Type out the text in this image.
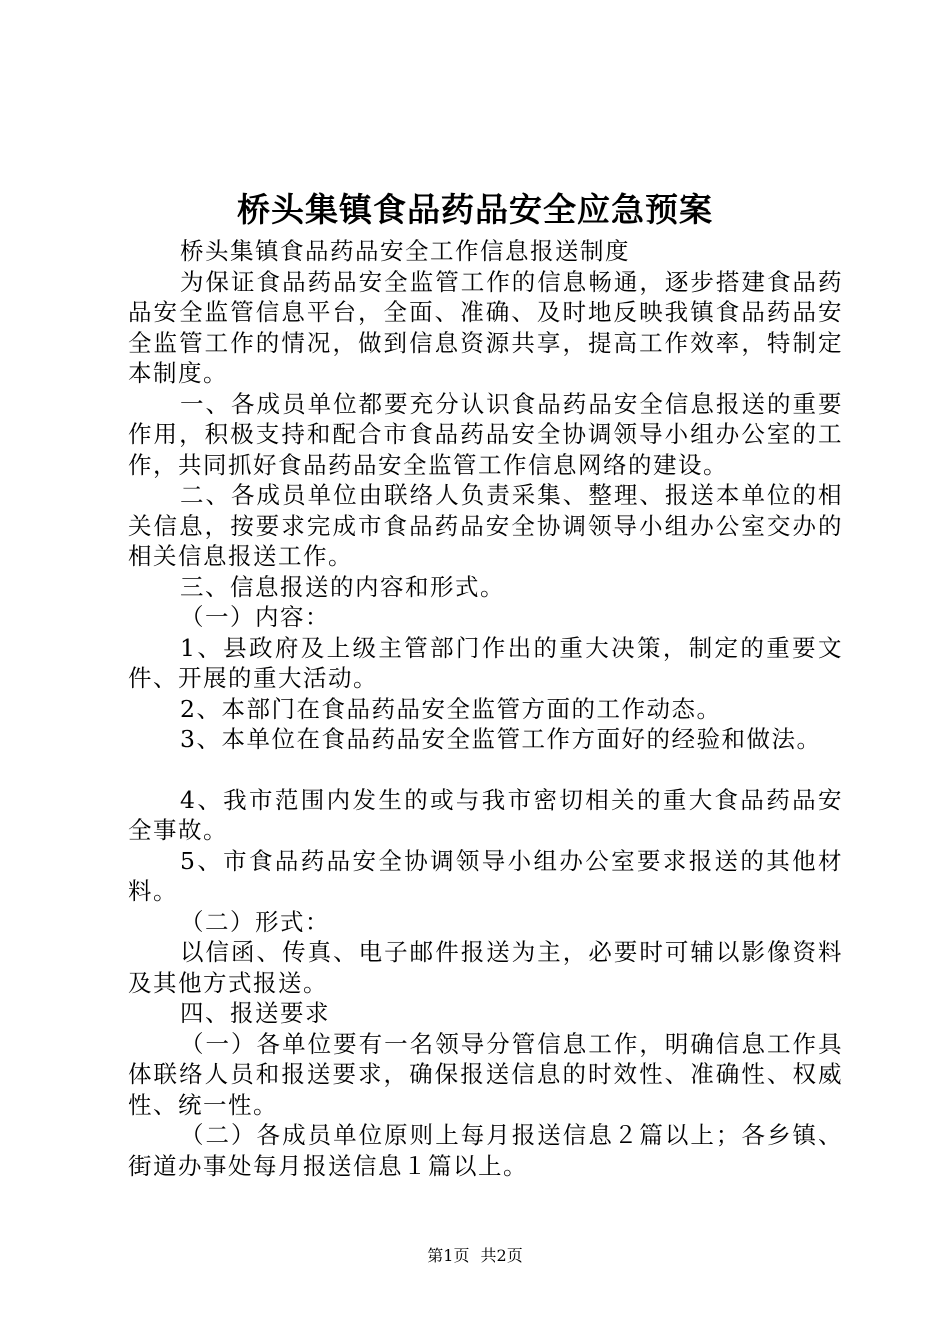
桥头集镇食品药品安全应急预案

桥头集镇食品药品安全工作信息报送制度

为保证食品药品安全监管工作的信息畅通，逐步搭建食品药品安全监管信息平台，全面、准确、及时地反映我镇食品药品安全监管工作的情况，做到信息资源共享，提高工作效率，特制定本制度。

一、各成员单位都要充分认识食品药品安全信息报送的重要作用，积极支持和配合市食品药品安全协调领导小组办公室的工作，共同抓好食品药品安全监管工作信息网络的建设。

二、各成员单位由联络人负责采集、整理、报送本单位的相关信息，按要求完成市食品药品安全协调领导小组办公室交办的相关信息报送工作。

三、信息报送的内容和形式。

（一）内容：

1、县政府及上级主管部门作出的重大决策，制定的重要文件、开展的重大活动。

2、本部门在食品药品安全监管方面的工作动态。

3、本单位在食品药品安全监管工作方面好的经验和做法。

4、我市范围内发生的或与我市密切相关的重大食品药品安全事故。

5、市食品药品安全协调领导小组办公室要求报送的其他材料。

（二）形式：

以信函、传真、电子邮件报送为主，必要时可辅以影像资料及其他方式报送。

四、报送要求

（一）各单位要有一名领导分管信息工作，明确信息工作具体联络人员和报送要求，确保报送信息的时效性、准确性、权威性、统一性。

（二）各成员单位原则上每月报送信息２篇以上；各乡镇、街道办事处每月报送信息１篇以上。

第1页 共2页
